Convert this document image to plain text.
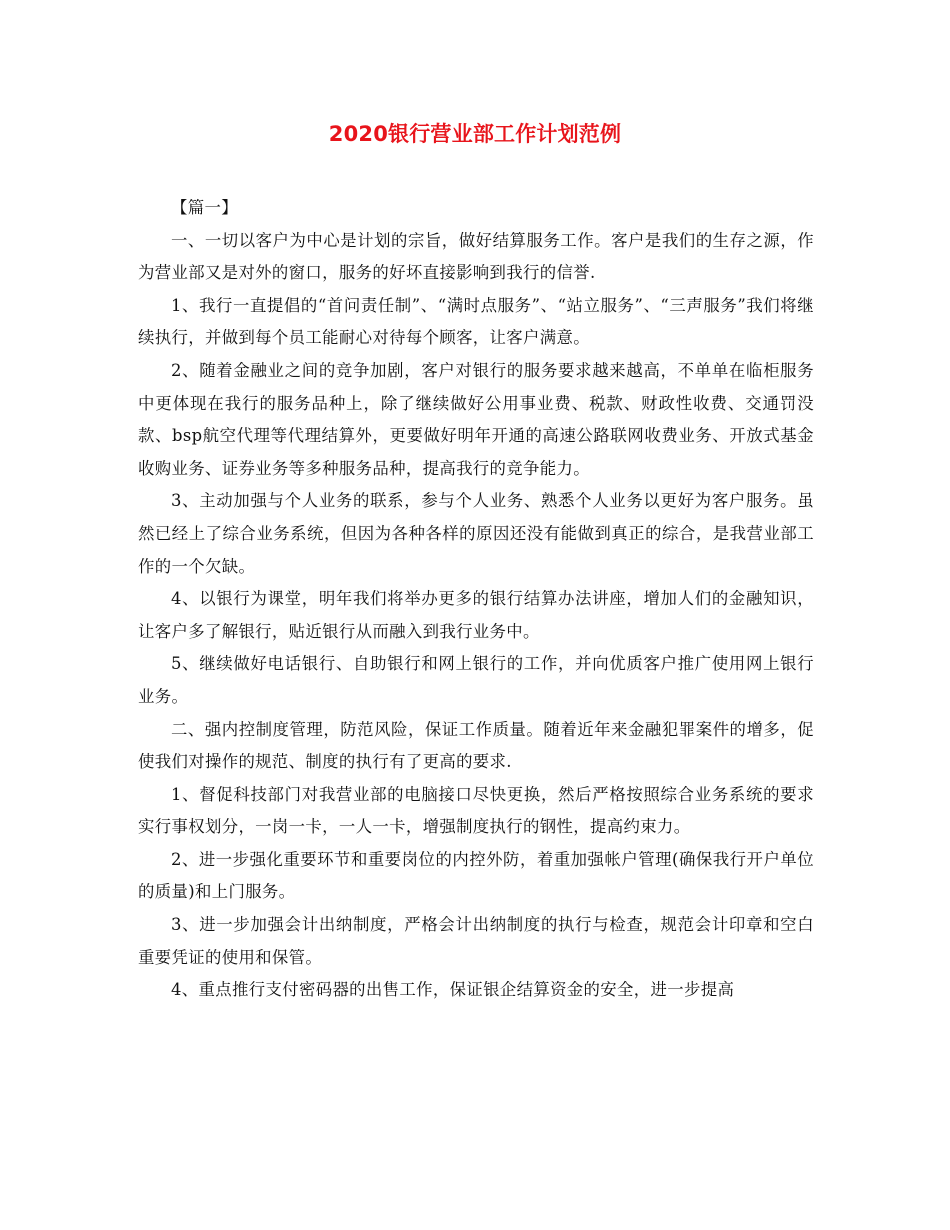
2020银行营业部工作计划范例

【篇一】

一、一切以客户为中心是计划的宗旨，做好结算服务工作。客户是我们的生存之源，作为营业部又是对外的窗口，服务的好坏直接影响到我行的信誉.

1、我行一直提倡的“首问责任制”、“满时点服务”、“站立服务”、“三声服务”我们将继续执行，并做到每个员工能耐心对待每个顾客，让客户满意。

2、随着金融业之间的竞争加剧，客户对银行的服务要求越来越高，不单单在临柜服务中更体现在我行的服务品种上，除了继续做好公用事业费、税款、财政性收费、交通罚没款、bsp航空代理等代理结算外，更要做好明年开通的高速公路联网收费业务、开放式基金收购业务、证券业务等多种服务品种，提高我行的竞争能力。

3、主动加强与个人业务的联系，参与个人业务、熟悉个人业务以更好为客户服务。虽然已经上了综合业务系统，但因为各种各样的原因还没有能做到真正的综合，是我营业部工作的一个欠缺。

4、以银行为课堂，明年我们将举办更多的银行结算办法讲座，增加人们的金融知识，让客户多了解银行，贴近银行从而融入到我行业务中。

5、继续做好电话银行、自助银行和网上银行的工作，并向优质客户推广使用网上银行业务。

二、强内控制度管理，防范风险，保证工作质量。随着近年来金融犯罪案件的增多，促使我们对操作的规范、制度的执行有了更高的要求.

1、督促科技部门对我营业部的电脑接口尽快更换，然后严格按照综合业务系统的要求实行事权划分，一岗一卡，一人一卡，增强制度执行的钢性，提高约束力。

2、进一步强化重要环节和重要岗位的内控外防，着重加强帐户管理(确保我行开户单位的质量)和上门服务。

3、进一步加强会计出纳制度，严格会计出纳制度的执行与检查，规范会计印章和空白重要凭证的使用和保管。

4、重点推行支付密码器的出售工作，保证银企结算资金的安全，进一步提高
